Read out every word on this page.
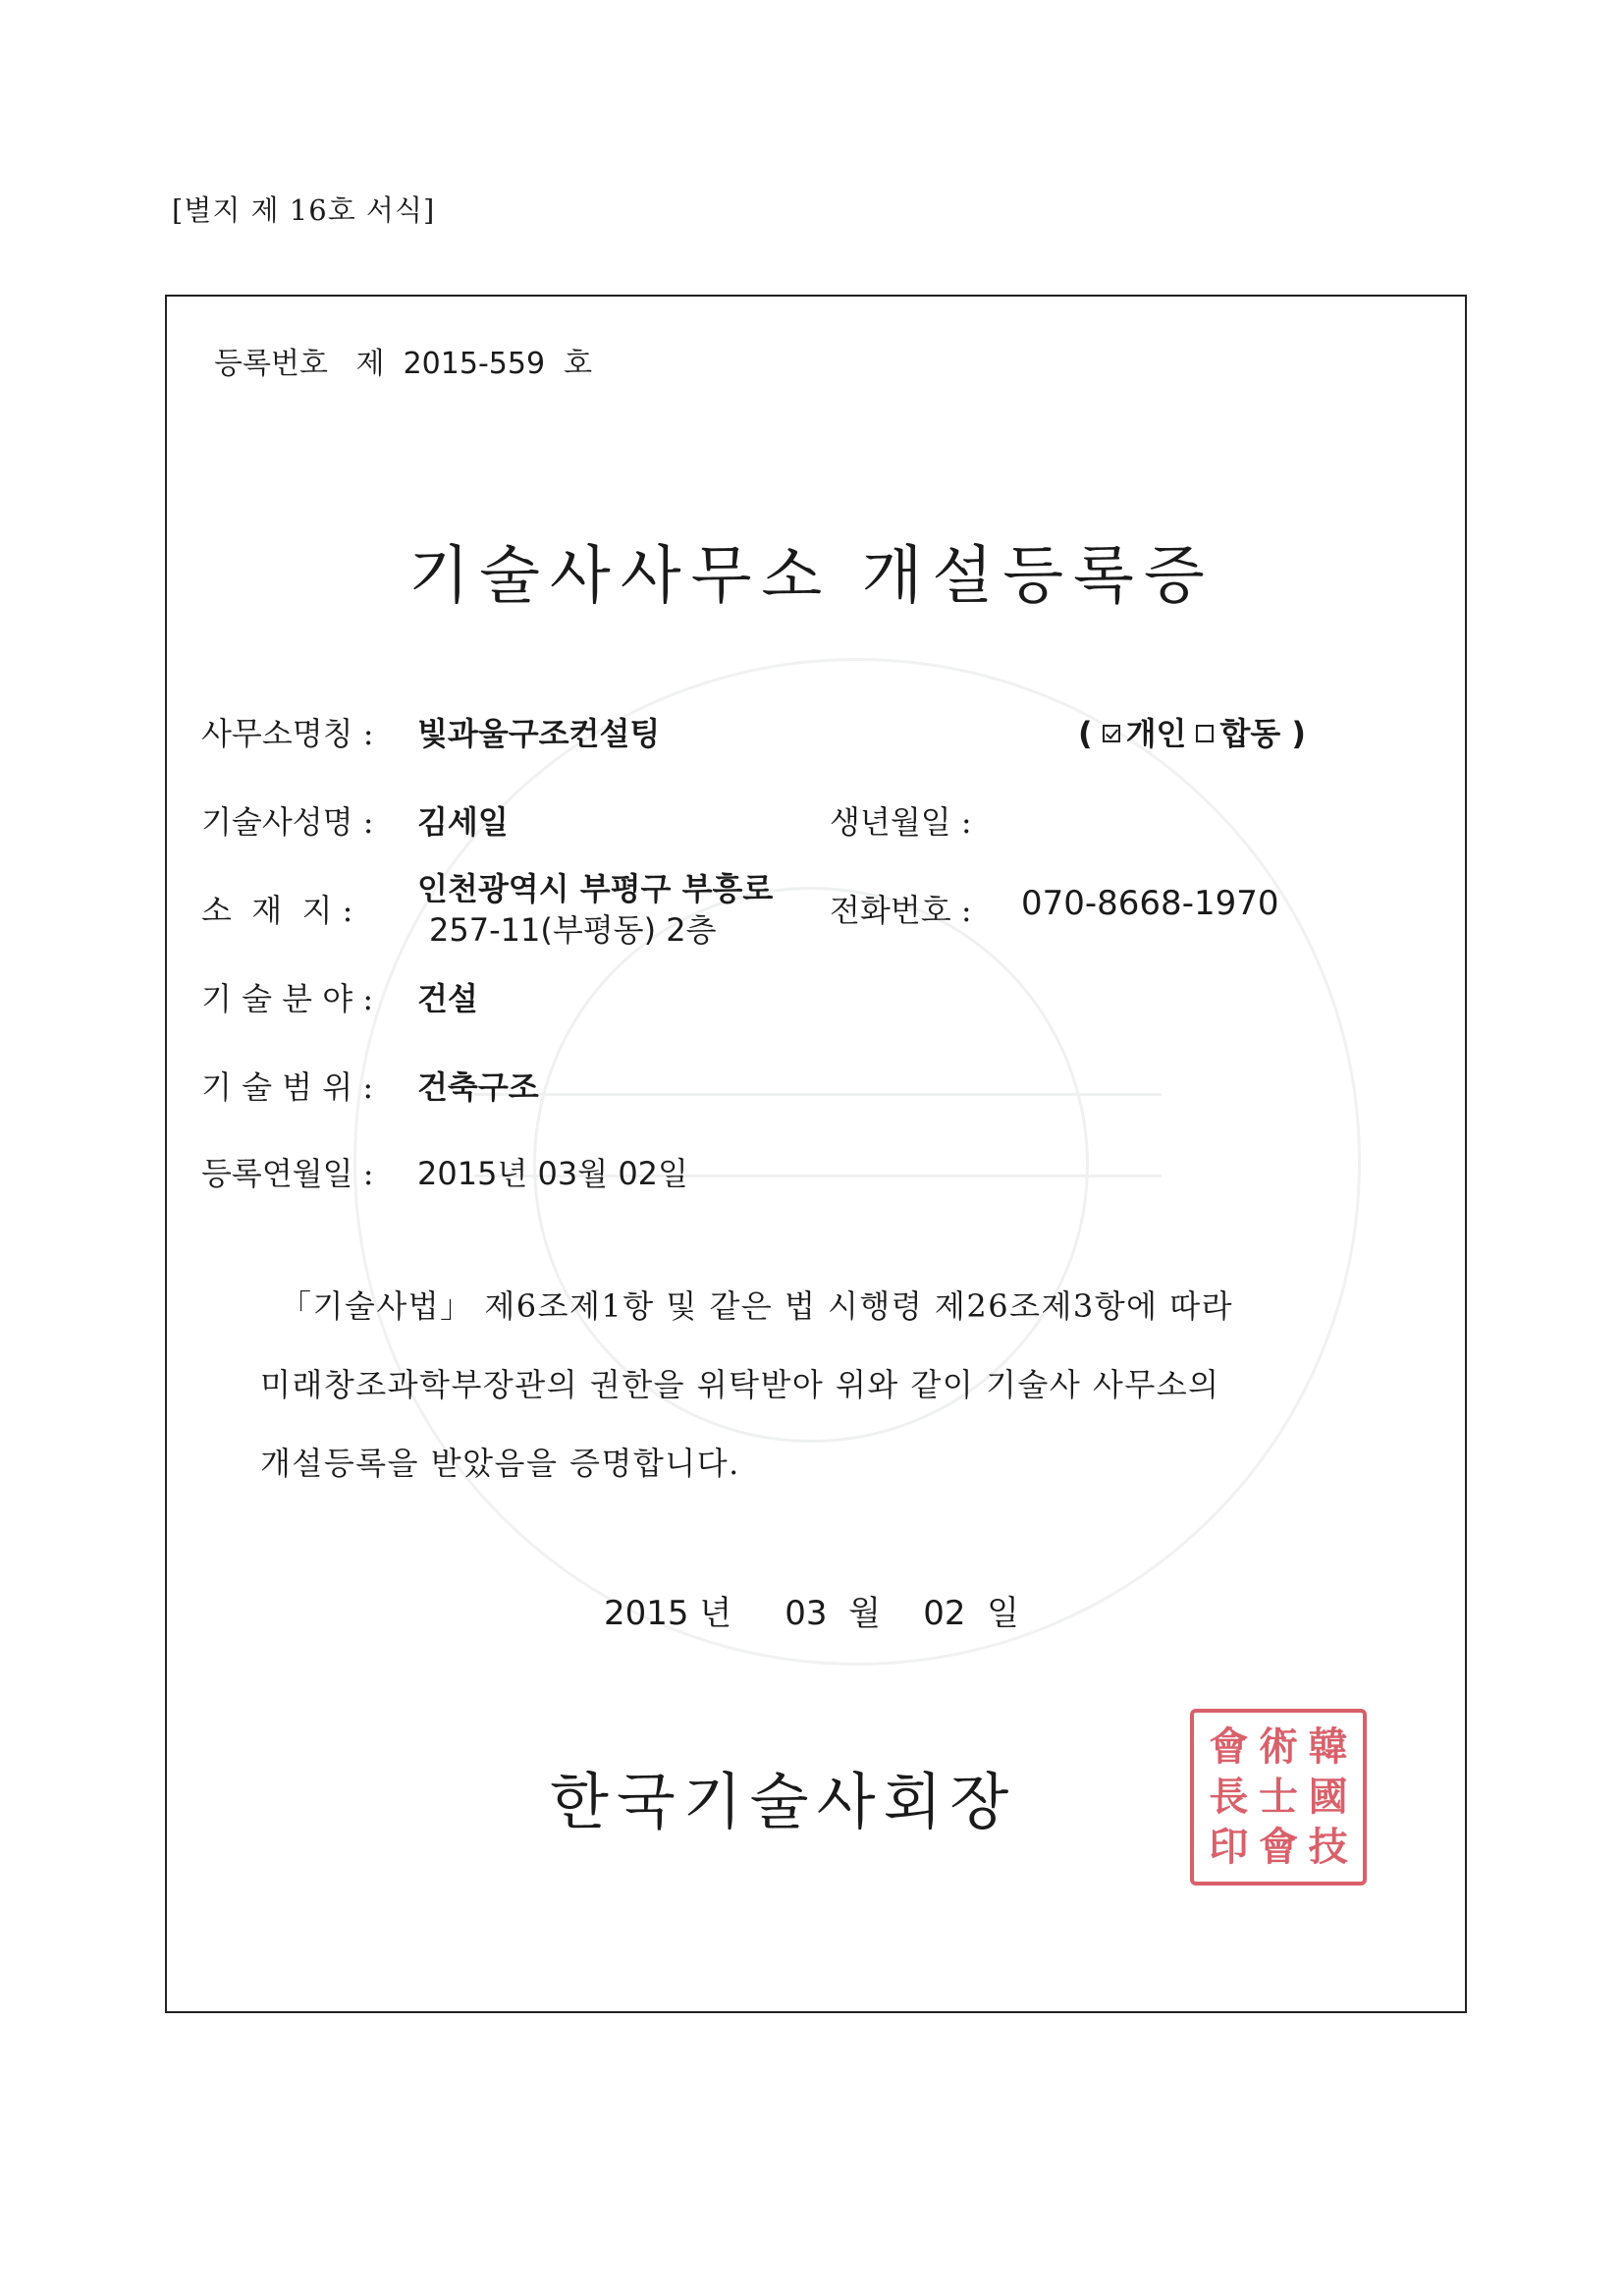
[별지 제 16호 서식]
등록번호 제 2015-559 호
기술사사무소 개설등록증
사무소명칭 : 빛과울구조컨설팅	( 개인 합동 )
기술사성명 : 김세일	생년월일 :
소  재  지 :
인천광역시 부평구 부흥로
257-11(부평동) 2층
전화번호 : 070-8668-1970
기 술 분 야 : 건설
기 술 범 위 : 건축구조
등록연월일 : 2015년 03월 02일
「기술사법」 제6조제1항 및 같은 법 시행령 제26조제3항에 따라
미래창조과학부장관의 권한을 위탁받아 위와 같이 기술사 사무소의
개설등록을 받았음을 증명합니다.
2015 년 03 월 02 일
한국기술사회장
會 術 韓
長 士 國
印 會 技
